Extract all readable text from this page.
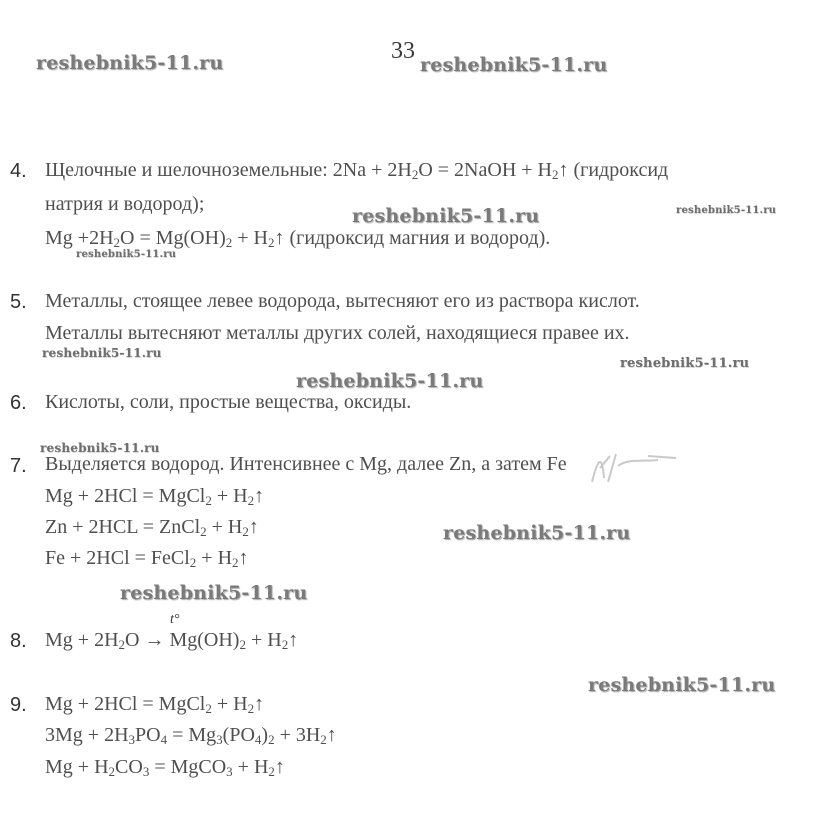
33
reshebnik5-11.ru	reshebnik5-11.ru
reshebnik5-11.ru	reshebnik5-11.ru
reshebnik5-11.ru
reshebnik5-11.ru
reshebnik5-11.ru
reshebnik5-11.ru
reshebnik5-11.ru
reshebnik5-11.ru
reshebnik5-11.ru
reshebnik5-11.ru
4. Щелочные и шелочноземельные: $2Na + 2H_2O$ = 2NaOH + $H_2↑$ (гидроксид
натрия и водород);
$Mg +2H_2O = Mg(OH)_2$ + $H_2↑$ (гидроксид магния и водород).
5. Металлы, стоящее левее водорода, вытесняют его из раствора кислот.
Металлы вытесняют металлы других солей, находящиеся правее их.
6. Кислоты, соли, простые вещества, оксиды.
7. Выделяется водород. Интенсивнее с Mg, далее Zn, а затем Fe
Mg + 2HCl = MgCl$_2$ + $H_2↑$
Zn + 2HCL = ZnCl$_2$ + $H_2↑$
Fe + 2HCl = FeCl$_2$ + $H_2↑$
t°
8. $Mg + 2H_2O \to Mg(OH)_2$ + $H_2↑$
9. Mg + 2HCl = MgCl$_2$ + $H_2↑$
$3Mg + 2H_3PO_4 = Mg_3(PO_4)_2$ + $3H_2↑$
$Mg + H_2CO_3$ = MgCO$_3$ + $H_2↑$
